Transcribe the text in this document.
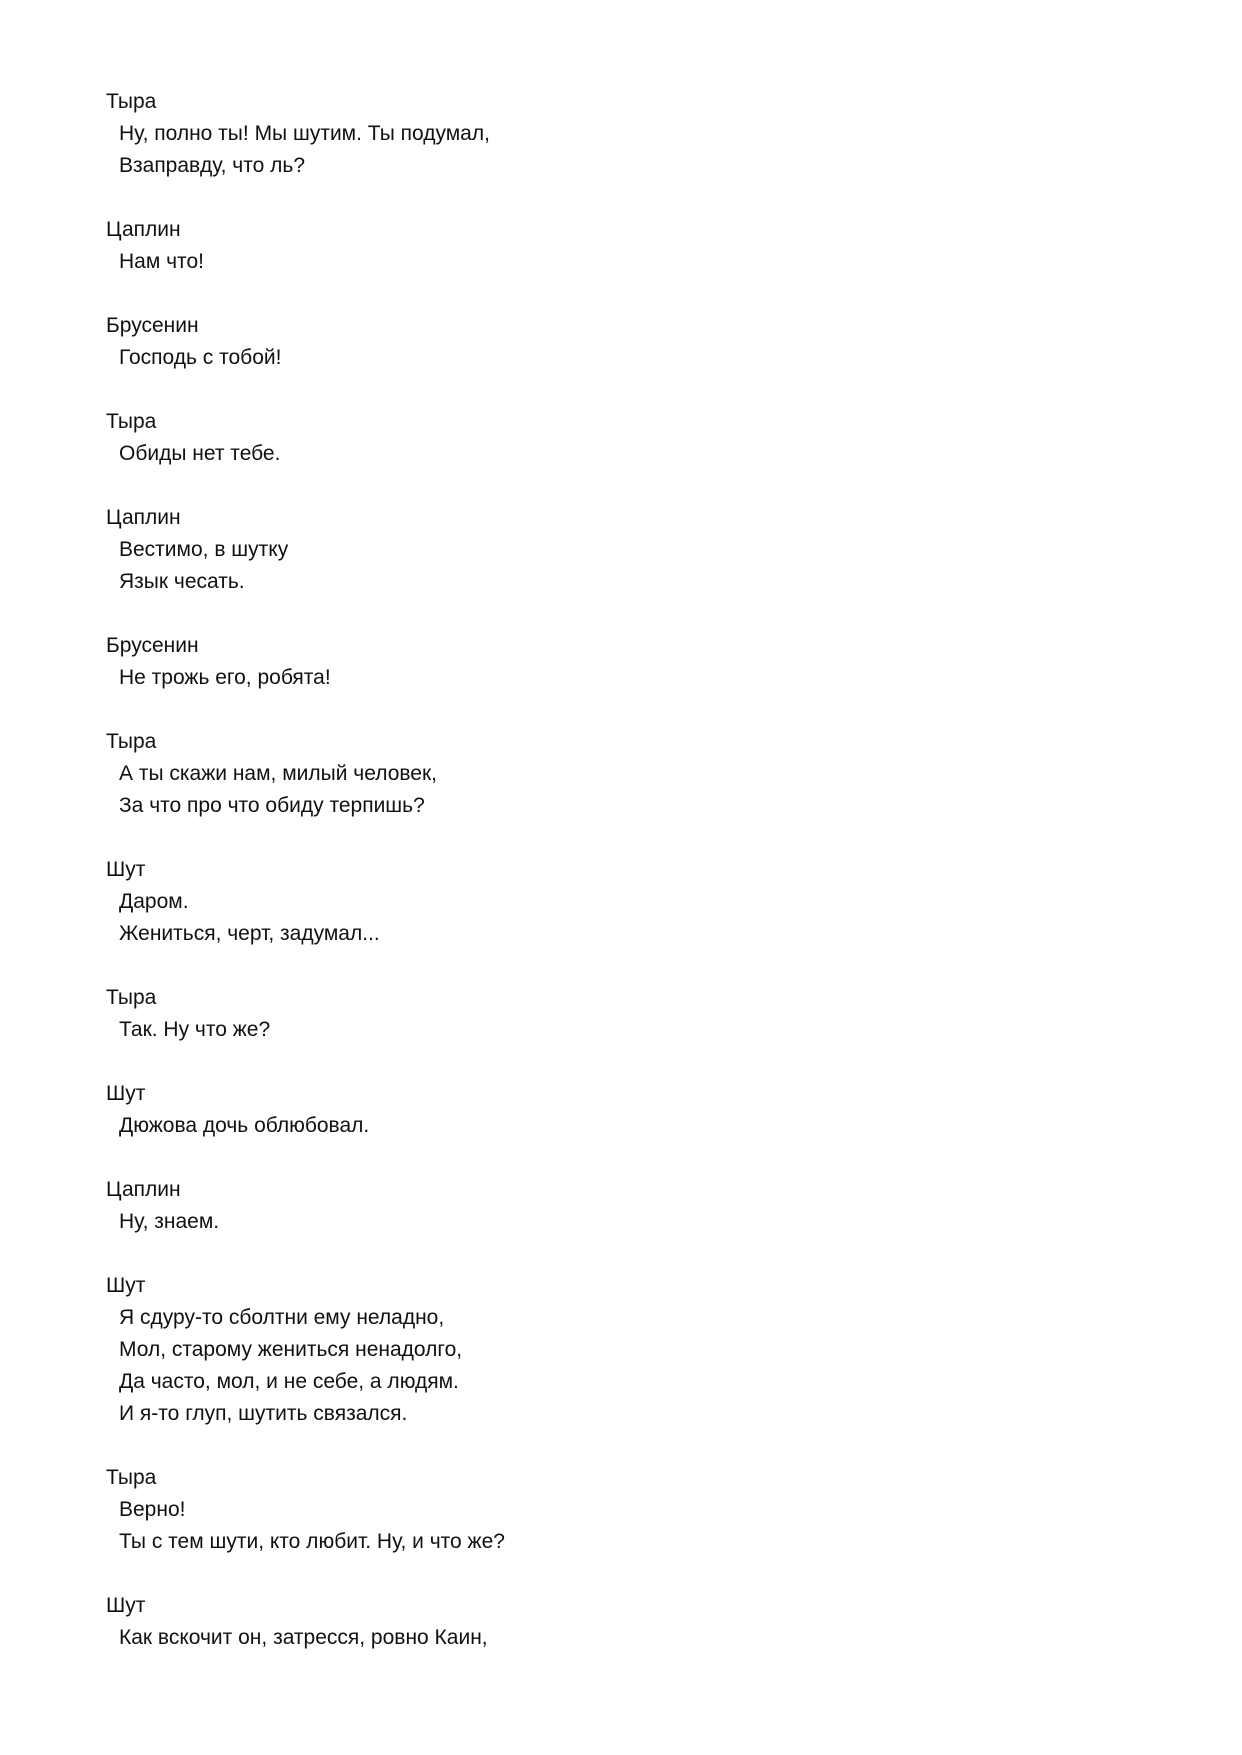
Тыра
Ну, полно ты! Мы шутим. Ты подумал,
Взаправду, что ль?
Цаплин
Нам что!
Брусенин
Господь с тобой!
Тыра
Обиды нет тебе.
Цаплин
Вестимо, в шутку
Язык чесать.
Брусенин
Не трожь его, робята!
Тыра
А ты скажи нам, милый человек,
За что про что обиду терпишь?
Шут
Даром.
Жениться, черт, задумал...
Тыра
Так. Ну что же?
Шут
Дюжова дочь облюбовал.
Цаплин
Ну, знаем.
Шут
Я сдуру-то сболтни ему неладно,
Мол, старому жениться ненадолго,
Да часто, мол, и не себе, а людям.
И я-то глуп, шутить связался.
Тыра
Верно!
Ты с тем шути, кто любит. Ну, и что же?
Шут
Как вскочит он, затресся, ровно Каин,
